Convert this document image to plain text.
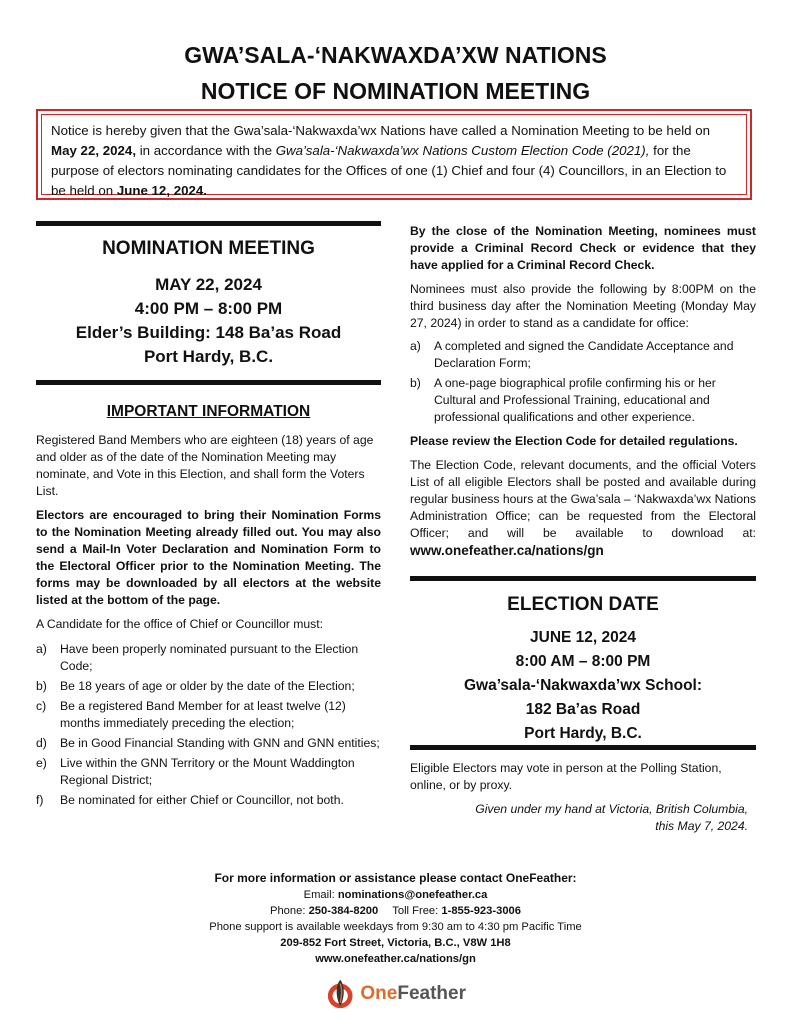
GWA’SALA-‘NAKWAXDA’XW NATIONS
NOTICE OF NOMINATION MEETING
Notice is hereby given that the Gwa’sala-‘Nakwaxda’wx Nations have called a Nomination Meeting to be held on May 22, 2024, in accordance with the Gwa’sala-‘Nakwaxda’wx Nations Custom Election Code (2021), for the purpose of electors nominating candidates for the Offices of one (1) Chief and four (4) Councillors, in an Election to be held on June 12, 2024.
NOMINATION MEETING
MAY 22, 2024
4:00 PM – 8:00 PM
Elder’s Building: 148 Ba’as Road
Port Hardy, B.C.
IMPORTANT INFORMATION
Registered Band Members who are eighteen (18) years of age and older as of the date of the Nomination Meeting may nominate, and Vote in this Election, and shall form the Voters List.
Electors are encouraged to bring their Nomination Forms to the Nomination Meeting already filled out. You may also send a Mail-In Voter Declaration and Nomination Form to the Electoral Officer prior to the Nomination Meeting. The forms may be downloaded by all electors at the website listed at the bottom of the page.
A Candidate for the office of Chief or Councillor must:
a)	Have been properly nominated pursuant to the Election Code;
b)	Be 18 years of age or older by the date of the Election;
c)	Be a registered Band Member for at least twelve (12) months immediately preceding the election;
d)	Be in Good Financial Standing with GNN and GNN entities;
e)	Live within the GNN Territory or the Mount Waddington Regional District;
f)	Be nominated for either Chief or Councillor, not both.
By the close of the Nomination Meeting, nominees must provide a Criminal Record Check or evidence that they have applied for a Criminal Record Check.
Nominees must also provide the following by 8:00PM on the third business day after the Nomination Meeting (Monday May 27, 2024) in order to stand as a candidate for office:
a)	A completed and signed the Candidate Acceptance and Declaration Form;
b)	A one-page biographical profile confirming his or her Cultural and Professional Training, educational and professional qualifications and other experience.
Please review the Election Code for detailed regulations.
The Election Code, relevant documents, and the official Voters List of all eligible Electors shall be posted and available during regular business hours at the Gwa’sala – ‘Nakwaxda’wx Nations Administration Office; can be requested from the Electoral Officer; and will be available to download at: www.onefeather.ca/nations/gn
ELECTION DATE
JUNE 12, 2024
8:00 AM – 8:00 PM
Gwa’sala-‘Nakwaxda’wx School:
182 Ba’as Road
Port Hardy, B.C.
Eligible Electors may vote in person at the Polling Station, online, or by proxy.
Given under my hand at Victoria, British Columbia,
this May 7, 2024.
For more information or assistance please contact OneFeather:
Email: nominations@onefeather.ca
Phone: 250-384-8200 Toll Free: 1-855-923-3006
Phone support is available weekdays from 9:30 am to 4:30 pm Pacific Time
209-852 Fort Street, Victoria, B.C., V8W 1H8
www.onefeather.ca/nations/gn
OneFeather
